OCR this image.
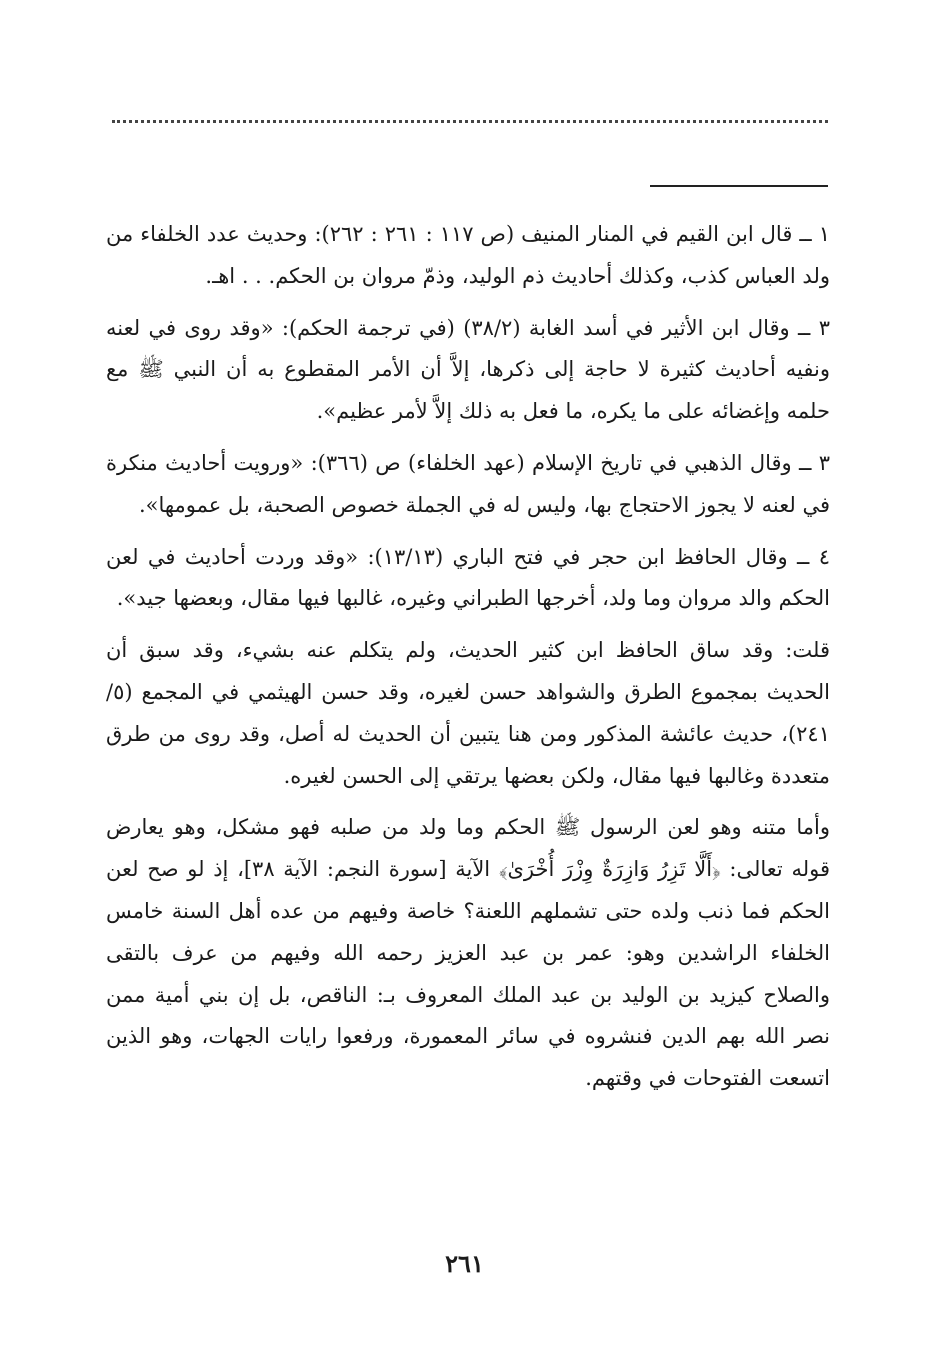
١ ــ قال ابن القيم في المنار المنيف (ص ١١٧ : ٢٦١ : ٢٦٢): وحديث عدد الخلفاء من ولد العباس كذب، وكذلك أحاديث ذم الوليد، وذمّ مروان بن الحكم. . . اهـ.

٣ ــ وقال ابن الأثير في أسد الغابة (٣٨/٢) (في ترجمة الحكم): «وقد روى في لعنه ونفيه أحاديث كثيرة لا حاجة إلى ذكرها، إلاَّ أن الأمر المقطوع به أن النبي ﷺ مع حلمه وإغضائه على ما يكره، ما فعل به ذلك إلاَّ لأمر عظيم».

٣ ــ وقال الذهبي في تاريخ الإسلام (عهد الخلفاء) ص (٣٦٦): «ورويت أحاديث منكرة في لعنه لا يجوز الاحتجاج بها، وليس له في الجملة خصوص الصحبة، بل عمومها».

٤ ــ وقال الحافظ ابن حجر في فتح الباري (١٣/١٣): «وقد وردت أحاديث في لعن الحكم والد مروان وما ولد، أخرجها الطبراني وغيره، غالبها فيها مقال، وبعضها جيد».

قلت: وقد ساق الحافظ ابن كثير الحديث، ولم يتكلم عنه بشيء، وقد سبق أن الحديث بمجموع الطرق والشواهد حسن لغيره، وقد حسن الهيثمي في المجمع (٥/ ٢٤١)، حديث عائشة المذكور ومن هنا يتبين أن الحديث له أصل، وقد روى من طرق متعددة وغالبها فيها مقال، ولكن بعضها يرتقي إلى الحسن لغيره.

وأما متنه وهو لعن الرسول ﷺ الحكم وما ولد من صلبه فهو مشكل، وهو يعارض قوله تعالى: ﴿أَلَّا تَزِرُ وَازِرَةٌ وِزْرَ أُخْرَىٰ﴾ الآية [سورة النجم: الآية ٣٨]، إذ لو صح لعن الحكم فما ذنب ولده حتى تشملهم اللعنة؟ خاصة وفيهم من عده أهل السنة خامس الخلفاء الراشدين وهو: عمر بن عبد العزيز رحمه الله وفيهم من عرف بالتقى والصلاح كيزيد بن الوليد بن عبد الملك المعروف بـ: الناقص، بل إن بني أمية ممن نصر الله بهم الدين فنشروه في سائر المعمورة، ورفعوا رايات الجهات، وهو الذين اتسعت الفتوحات في وقتهم.

٢٦١
